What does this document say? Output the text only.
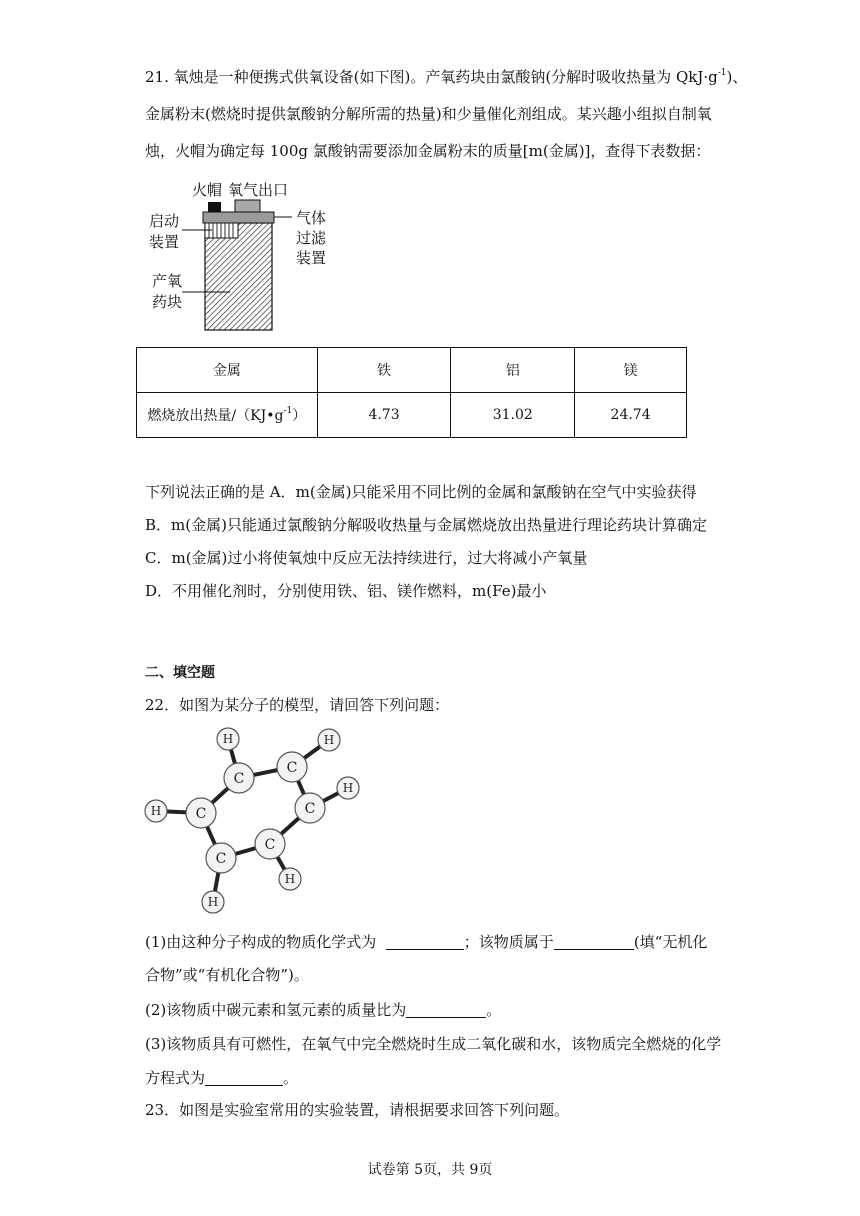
21. 氧烛是一种便携式供氧设备(如下图)。产氧药块由氯酸钠(分解时吸收热量为 $QkJ\cdot g^{-1}$)、
金属粉末(燃烧时提供氯酸钠分解所需的热量)和少量催化剂组成。某兴趣小组拟自制氧
烛，火帽为确定每 100g 氯酸钠需要添加金属粉末的质量[m(金属)]，查得下表数据：
火帽 氧气出口
启动
装置
气体
过滤
装置
产氧
药块
金属	铁	铝	镁
燃烧放出热量$/(KJ•g^{-1})$	4.73	31.02	24.74
下列说法正确的是 A．m(金属)只能采用不同比例的金属和氯酸钠在空气中实验获得
B．m(金属)只能通过氯酸钠分解吸收热量与金属燃烧放出热量进行理论药块计算确定
C．m(金属)过小将使氧烛中反应无法持续进行，过大将减小产氧量
D．不用催化剂时，分别使用铁、铝、镁作燃料，m(Fe)最小
二、填空题
22．如图为某分子的模型，请回答下列问题：
C
C
C
C
C
C
H	H
H
H
H
H
(1)由这种分子构成的物质化学式为	；该物质属于	(填“无机化
合物”或“有机化合物”)。
(2)该物质中碳元素和氢元素的质量比为	。
(3)该物质具有可燃性，在氧气中完全燃烧时生成二氧化碳和水，该物质完全燃烧的化学
方程式为	。
23．如图是实验室常用的实验装置，请根据要求回答下列问题。
试卷第 5页，共 9页
